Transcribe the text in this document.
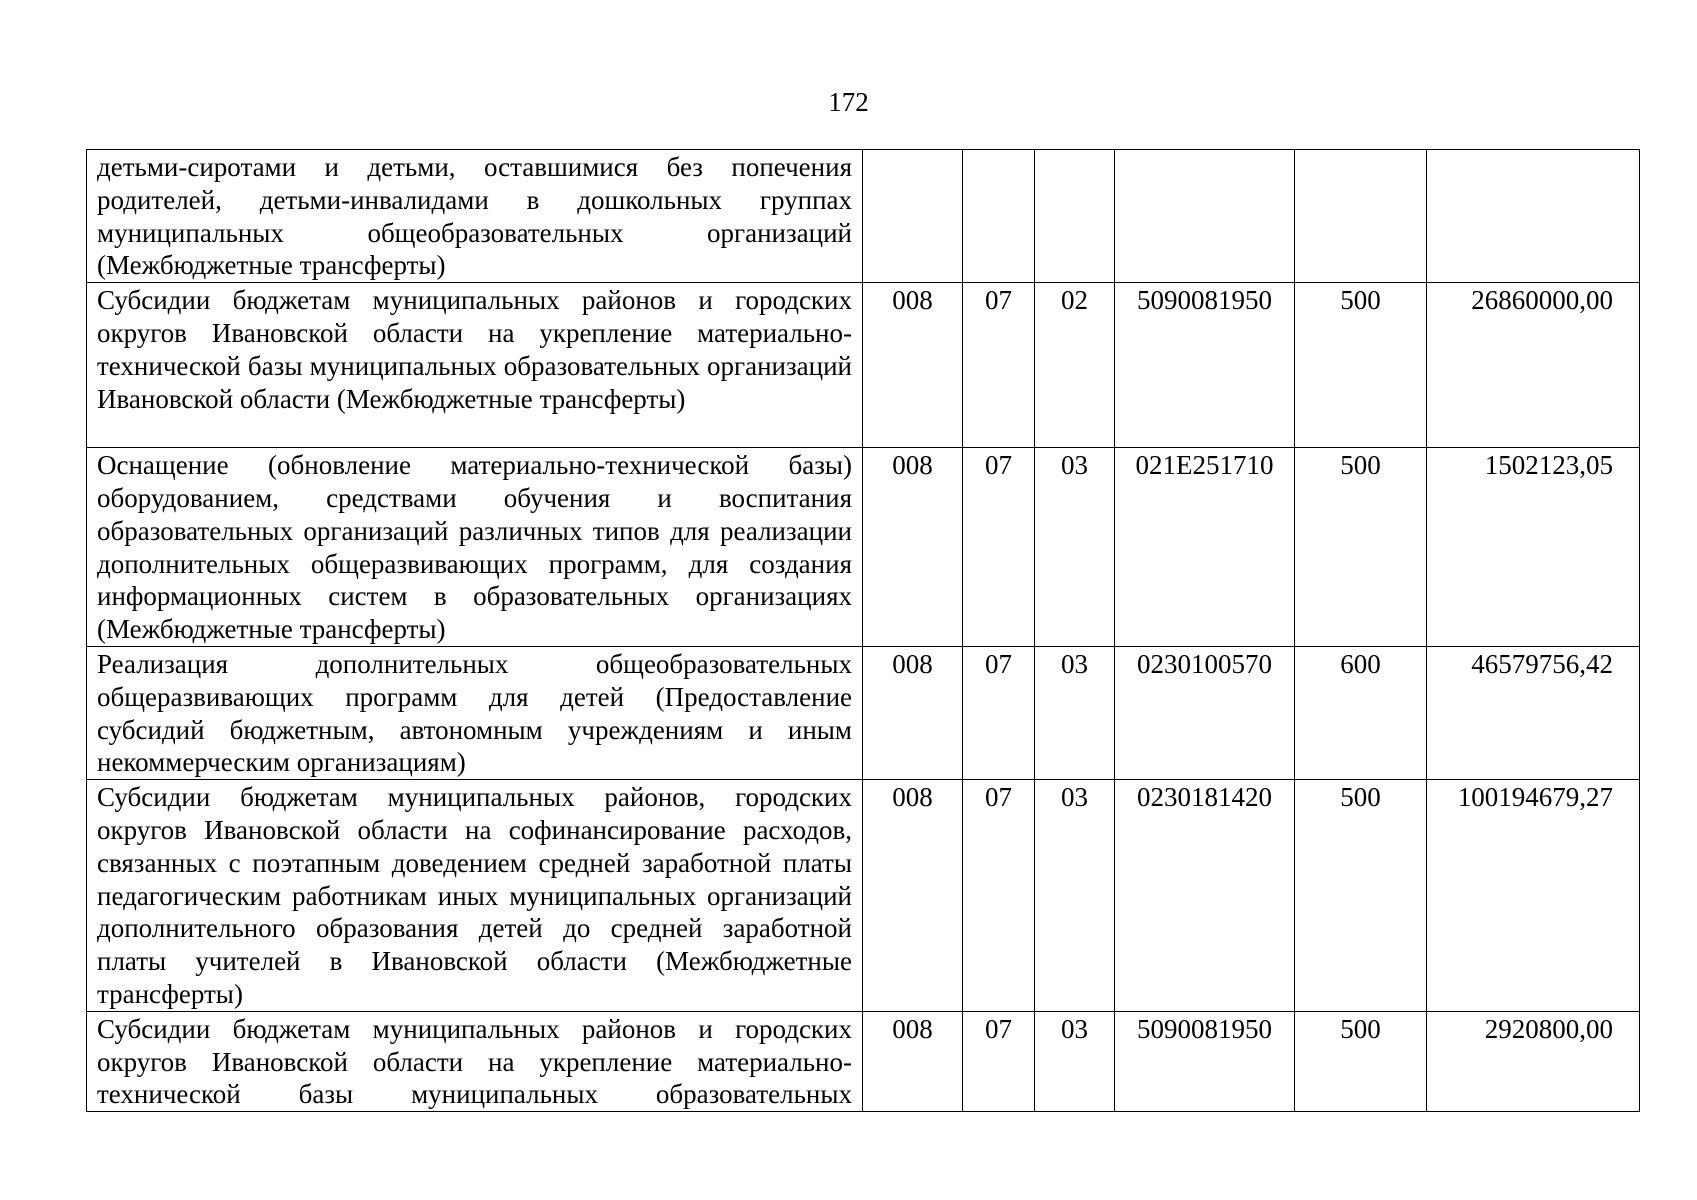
172
детьми-сиротами и детьми, оставшимися без попечения родителей, детьми-инвалидами в дошкольных группах муниципальных общеобразовательных организаций (Межбюджетные трансферты)						
Субсидии бюджетам муниципальных районов и городских округов Ивановской области на укрепление материально-технической базы муниципальных образовательных организаций Ивановской области (Межбюджетные трансферты)	008	07	02	5090081950	500	26860000,00
Оснащение (обновление материально-технической базы) оборудованием, средствами обучения и воспитания образовательных организаций различных типов для реализации дополнительных общеразвивающих программ, для создания информационных систем в образовательных организациях (Межбюджетные трансферты)	008	07	03	021E251710	500	1502123,05
Реализация дополнительных общеобразовательных общеразвивающих программ для детей (Предоставление субсидий бюджетным, автономным учреждениям и иным некоммерческим организациям)	008	07	03	0230100570	600	46579756,42
Субсидии бюджетам муниципальных районов, городских округов Ивановской области на софинансирование расходов, связанных с поэтапным доведением средней заработной платы педагогическим работникам иных муниципальных организаций дополнительного образования детей до средней заработной платы учителей в Ивановской области (Межбюджетные трансферты)	008	07	03	0230181420	500	100194679,27
Субсидии бюджетам муниципальных районов и городских округов Ивановской области на укрепление материально-технической базы муниципальных образовательных	008	07	03	5090081950	500	2920800,00
